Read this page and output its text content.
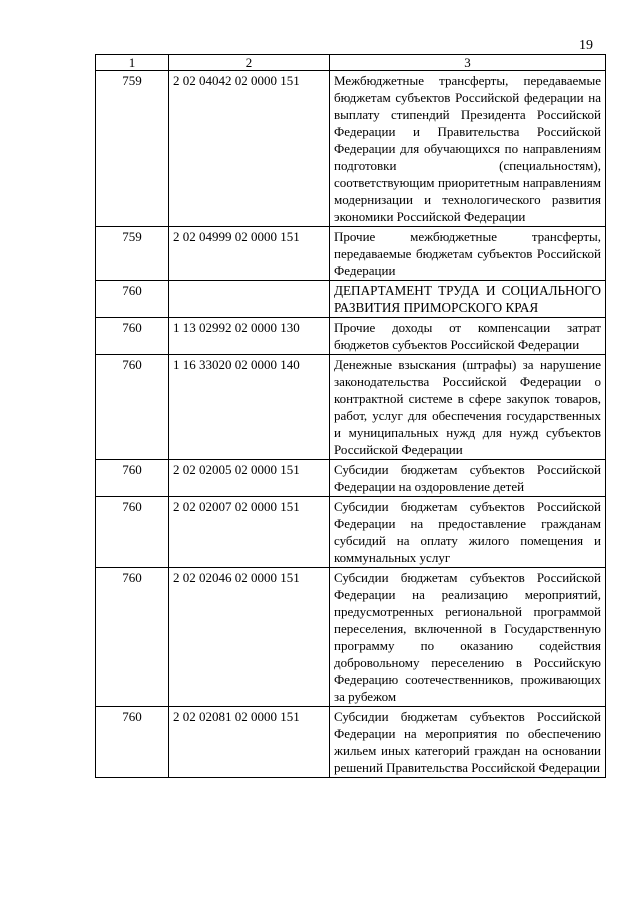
19
1	2	3
759	2 02 04042 02 0000 151	Межбюджетные трансферты, передаваемые бюджетам субъектов Российской федерации на выплату стипендий Президента Российской Федерации и Правительства Российской Федерации для обучающихся по направлениям подготовки (специальностям), соответствующим приоритетным направлениям модернизации и технологического развития экономики Российской Федерации
759	2 02 04999 02 0000 151	Прочие межбюджетные трансферты, передаваемые бюджетам субъектов Российской Федерации
760		ДЕПАРТАМЕНТ ТРУДА И СОЦИАЛЬНОГО РАЗВИТИЯ ПРИМОРСКОГО КРАЯ
760	1 13 02992 02 0000 130	Прочие доходы от компенсации затрат бюджетов субъектов Российской Федерации
760	1 16 33020 02 0000 140	Денежные взыскания (штрафы) за нарушение законодательства Российской Федерации о контрактной системе в сфере закупок товаров, работ, услуг для обеспечения государственных и муниципальных нужд для нужд субъектов Российской Федерации
760	2 02 02005 02 0000 151	Субсидии бюджетам субъектов Российской Федерации на оздоровление детей
760	2 02 02007 02 0000 151	Субсидии бюджетам субъектов Российской Федерации на предоставление гражданам субсидий на оплату жилого помещения и коммунальных услуг
760	2 02 02046 02 0000 151	Субсидии бюджетам субъектов Российской Федерации на реализацию мероприятий, предусмотренных региональной программой переселения, включенной в Государственную программу по оказанию содействия добровольному переселению в Российскую Федерацию соотечественников, проживающих за рубежом
760	2 02 02081 02 0000 151	Субсидии бюджетам субъектов Российской Федерации на мероприятия по обеспечению жильем иных категорий граждан на основании решений Правительства Российской Федерации
